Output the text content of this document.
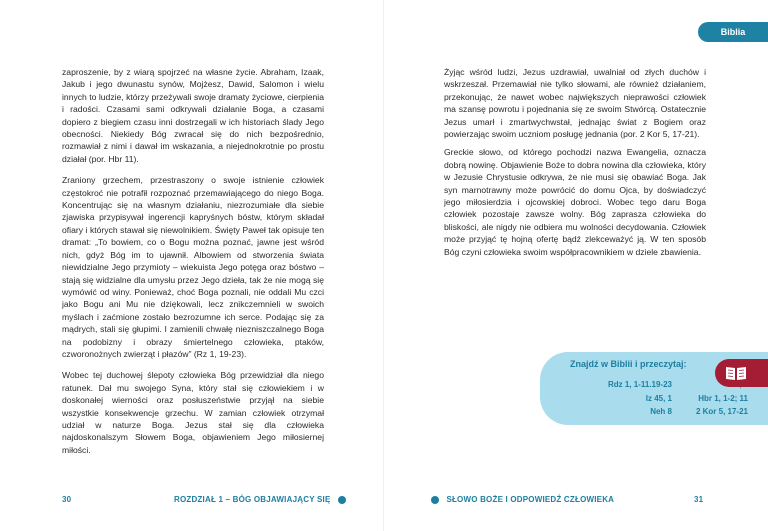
zaproszenie, by z wiarą spojrzeć na własne życie. Abraham, Izaak, Jakub i jego dwunastu synów, Mojżesz, Dawid, Salomon i wielu innych to ludzie, którzy przeżywali swoje dramaty życiowe, cierpienia i radości. Czasami sami odkrywali działanie Boga, a czasami dopiero z biegiem czasu inni dostrzegali w ich historiach ślady Jego obecności. Niekiedy Bóg zwracał się do nich bezpośrednio, rozmawiał z nimi i dawał im wskazania, a niejednokrotnie po prostu działał (por. Hbr 11).

Zraniony grzechem, przestraszony o swoje istnienie człowiek częstokroć nie potrafił rozpoznać przemawiającego do niego Boga. Koncentrując się na własnym działaniu, niezrozumiałe dla siebie zjawiska przypisywał ingerencji kapryśnych bóstw, którym składał ofiary i których stawał się niewolnikiem. Święty Paweł tak opisuje ten dramat: „To bowiem, co o Bogu można poznać, jawne jest wśród nich, gdyż Bóg im to ujawnił. Albowiem od stworzenia świata niewidzialne Jego przymioty – wiekuista Jego potęga oraz bóstwo – stają się widzialne dla umysłu przez Jego dzieła, tak że nie mogą się wymówić od winy. Ponieważ, choć Boga poznali, nie oddali Mu czci jako Bogu ani Mu nie dziękowali, lecz znikczemnieli w swoich myślach i zaćmione zostało bezrozumne ich serce. Podając się za mądrych, stali się głupimi. I zamienili chwałę niezniszczalnego Boga na podobizny i obrazy śmiertelnego człowieka, ptaków, czworonożnych zwierząt i płazów” (Rz 1, 19-23).

Wobec tej duchowej ślepoty człowieka Bóg przewidział dla niego ratunek. Dał mu swojego Syna, który stał się człowiekiem i w doskonałej wierności oraz posłuszeństwie przyjął na siebie wszystkie konsekwencje grzechu. W zamian człowiek otrzymał udział w naturze Boga. Jezus stał się dla człowieka najdoskonalszym Słowem Boga, objawieniem Jego miłosiernej miłości.

30	ROZDZIAŁ 1 – BÓG OBJAWIAJĄCY SIĘ

Żyjąc wśród ludzi, Jezus uzdrawiał, uwalniał od złych duchów i wskrzeszał. Przemawiał nie tylko słowami, ale również działaniem, przekonując, że nawet wobec największych nieprawości człowiek ma szansę powrotu i pojednania się ze swoim Stwórcą. Ostatecznie Jezus umarł i zmartwychwstał, jednając świat z Bogiem oraz powierzając swoim uczniom posługę jednania (por. 2 Kor 5, 17-21).

Greckie słowo, od którego pochodzi nazwa Ewangelia, oznacza dobrą nowinę. Objawienie Boże to dobra nowina dla człowieka, który w Jezusie Chrystusie odkrywa, że nie musi się obawiać Boga. Jak syn marnotrawny może powrócić do domu Ojca, by doświadczyć jego miłosierdzia i ojcowskiej dobroci. Wobec tego daru Boga człowiek pozostaje zawsze wolny. Bóg zaprasza człowieka do bliskości, ale nigdy nie odbiera mu wolności decydowania. Człowiek może przyjąć tę hojną ofertę bądź zlekceważyć ją. W ten sposób Bóg czyni człowieka swoim współpracownikiem w dziele zbawienia.

SŁOWO BOŻE I ODPOWIEDŹ CZŁOWIEKA	31
Biblia
Znajdź w Biblii i przeczytaj:
Rdz 1, 1-11.19-23
Iz 45, 1
Neh 8
Hbr 1, 1-2; 11
2 Kor 5, 17-21
